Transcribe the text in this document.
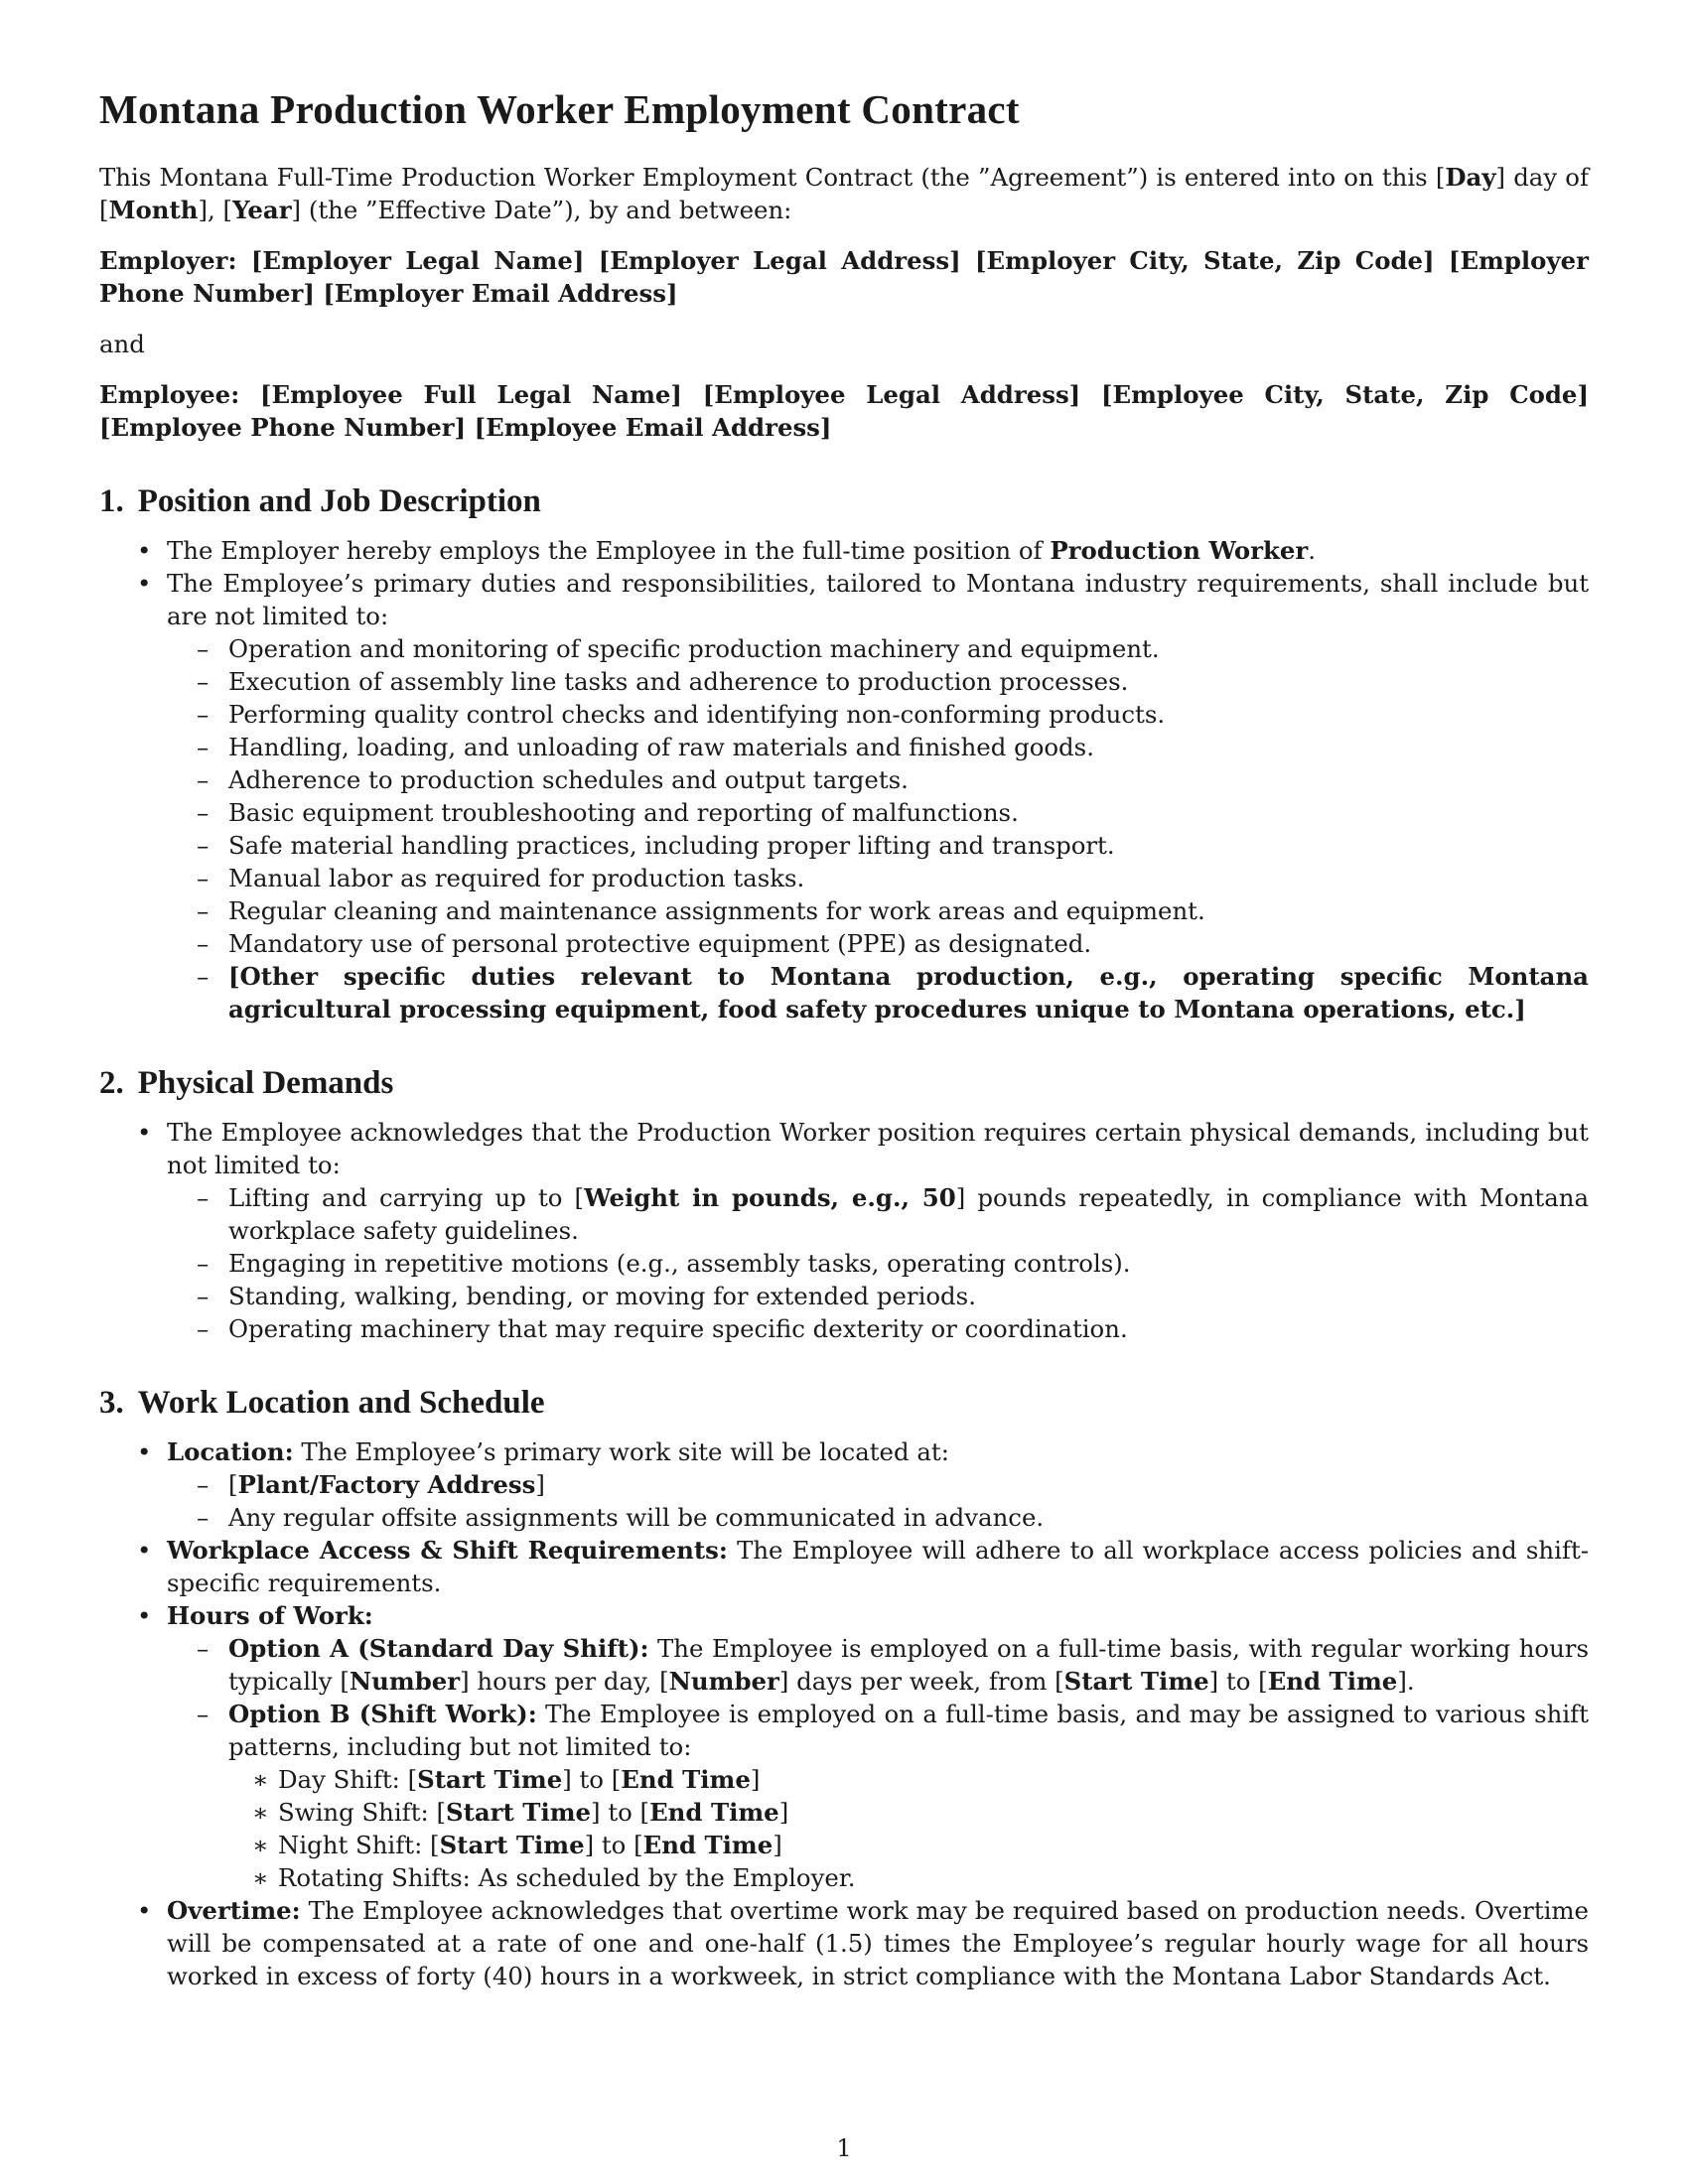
Montana Production Worker Employment Contract

This Montana Full-Time Production Worker Employment Contract (the ”Agreement”) is entered into on this [Day] day of [Month], [Year] (the ”Effective Date”), by and between:

Employer: [Employer Legal Name] [Employer Legal Address] [Employer City, State, Zip Code] [Employer Phone Number] [Employer Email Address]

and

Employee: [Employee Full Legal Name] [Employee Legal Address] [Employee City, State, Zip Code] [Employee Phone Number] [Employee Email Address]

1. Position and Job Description
• The Employer hereby employs the Employee in the full-time position of Production Worker.
• The Employee’s primary duties and responsibilities, tailored to Montana industry requirements, shall include but are not limited to:
– Operation and monitoring of specific production machinery and equipment.
– Execution of assembly line tasks and adherence to production processes.
– Performing quality control checks and identifying non-conforming products.
– Handling, loading, and unloading of raw materials and finished goods.
– Adherence to production schedules and output targets.
– Basic equipment troubleshooting and reporting of malfunctions.
– Safe material handling practices, including proper lifting and transport.
– Manual labor as required for production tasks.
– Regular cleaning and maintenance assignments for work areas and equipment.
– Mandatory use of personal protective equipment (PPE) as designated.
– [Other specific duties relevant to Montana production, e.g., operating specific Montana agricultural processing equipment, food safety procedures unique to Montana operations, etc.]
2. Physical Demands
• The Employee acknowledges that the Production Worker position requires certain physical demands, including but not limited to:
– Lifting and carrying up to [Weight in pounds, e.g., 50] pounds repeatedly, in compliance with Montana workplace safety guidelines.
– Engaging in repetitive motions (e.g., assembly tasks, operating controls).
– Standing, walking, bending, or moving for extended periods.
– Operating machinery that may require specific dexterity or coordination.
3. Work Location and Schedule
• Location: The Employee’s primary work site will be located at:
– [Plant/Factory Address]
– Any regular offsite assignments will be communicated in advance.
• Workplace Access & Shift Requirements: The Employee will adhere to all workplace access policies and shift-specific requirements.
• Hours of Work:
– Option A (Standard Day Shift): The Employee is employed on a full-time basis, with regular working hours typically [Number] hours per day, [Number] days per week, from [Start Time] to [End Time].
– Option B (Shift Work): The Employee is employed on a full-time basis, and may be assigned to various shift patterns, including but not limited to:
∗ Day Shift: [Start Time] to [End Time]
∗ Swing Shift: [Start Time] to [End Time]
∗ Night Shift: [Start Time] to [End Time]
∗ Rotating Shifts: As scheduled by the Employer.
• Overtime: The Employee acknowledges that overtime work may be required based on production needs. Overtime will be compensated at a rate of one and one-half (1.5) times the Employee’s regular hourly wage for all hours worked in excess of forty (40) hours in a workweek, in strict compliance with the Montana Labor Standards Act.
1
